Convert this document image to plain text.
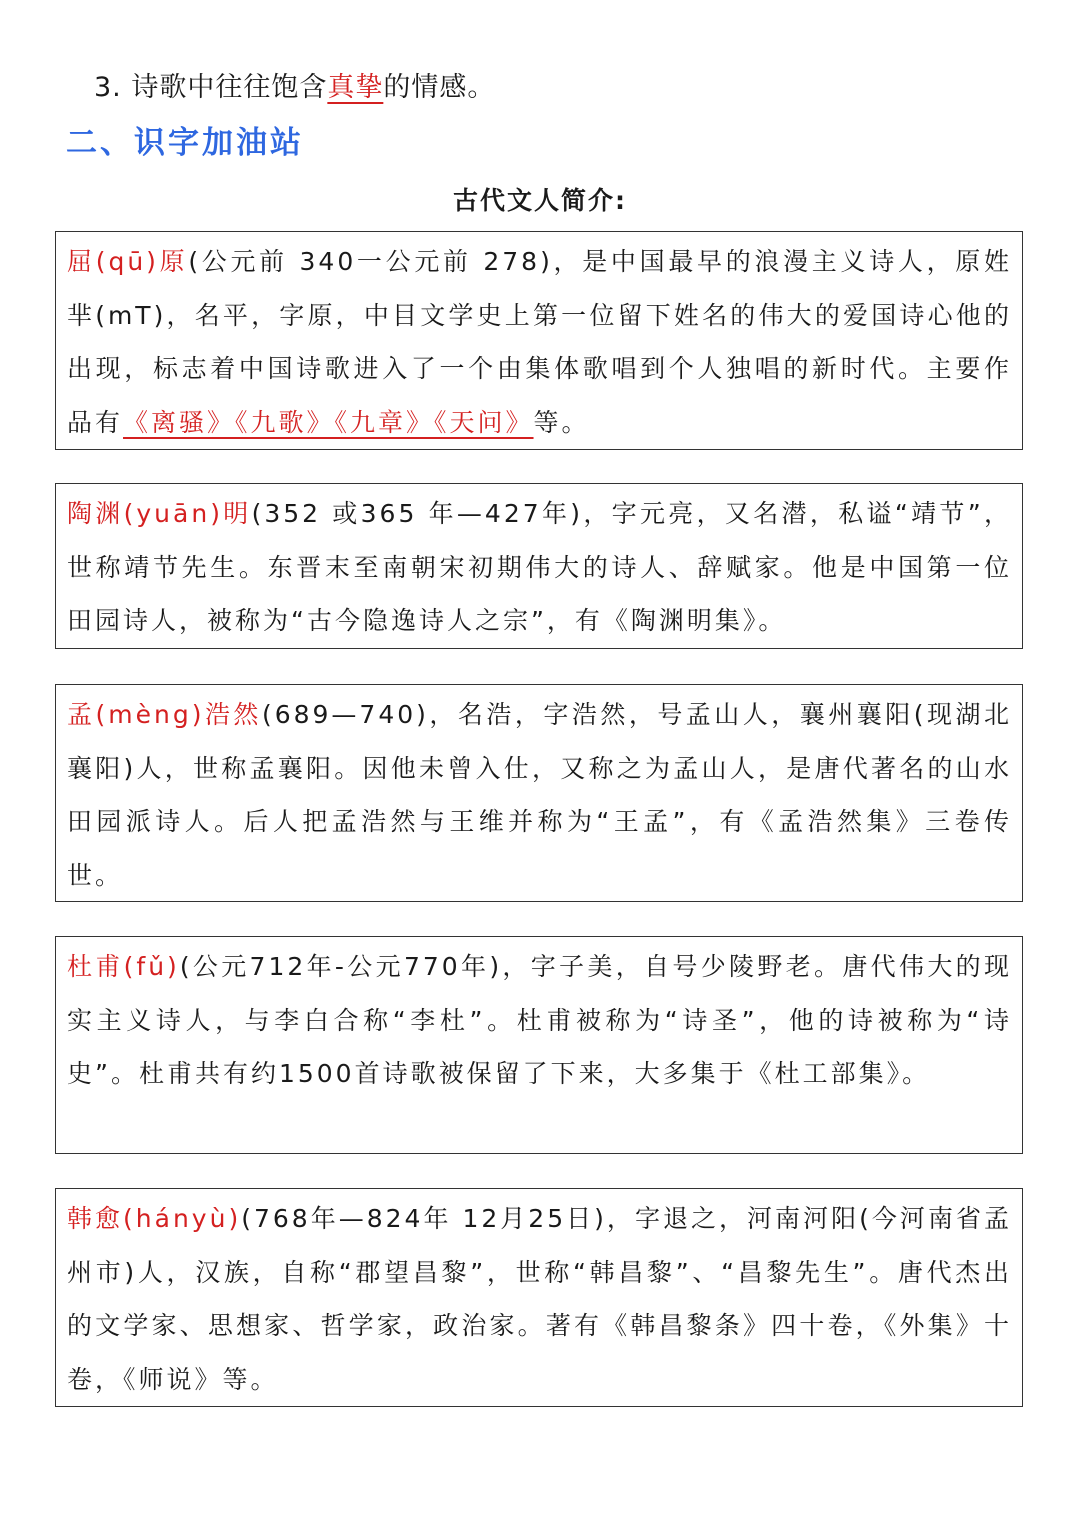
3. 诗歌中往往饱含真挚的情感。
二、识字加油站
古代文人简介:
屈(qū)原(公元前 340一公元前 278)，是中国最早的浪漫主义诗人，原姓芈(mT)，名平，字原，中目文学史上第一位留下姓名的伟大的爱国诗心他的出现，标志着中国诗歌进入了一个由集体歌唱到个人独唱的新时代。主要作品有《离骚》《九歌》《九章》《天问》等。
陶渊(yuān)明(352 或365 年—427年)，字元亮，又名潜，私谥“靖节”，世称靖节先生。东晋末至南朝宋初期伟大的诗人、辞赋家。他是中国第一位田园诗人，被称为“古今隐逸诗人之宗”，有《陶渊明集》。
孟(mèng)浩然(689—740)，名浩，字浩然，号孟山人，襄州襄阳(现湖北襄阳)人，世称孟襄阳。因他未曾入仕，又称之为孟山人，是唐代著名的山水田园派诗人。后人把孟浩然与王维并称为“王孟”，有《孟浩然集》三卷传世。
杜甫(fǔ)(公元712年-公元770年)，字子美，自号少陵野老。唐代伟大的现实主义诗人，与李白合称“李杜”。杜甫被称为“诗圣”，他的诗被称为“诗史”。杜甫共有约1500首诗歌被保留了下来，大多集于《杜工部集》。
韩愈(hányù)(768年—824年 12月25日)，字退之，河南河阳(今河南省孟州市)人，汉族，自称“郡望昌黎”，世称“韩昌黎”、“昌黎先生”。唐代杰出的文学家、思想家、哲学家，政治家。著有《韩昌黎条》四十卷，《外集》十卷，《师说》等。
